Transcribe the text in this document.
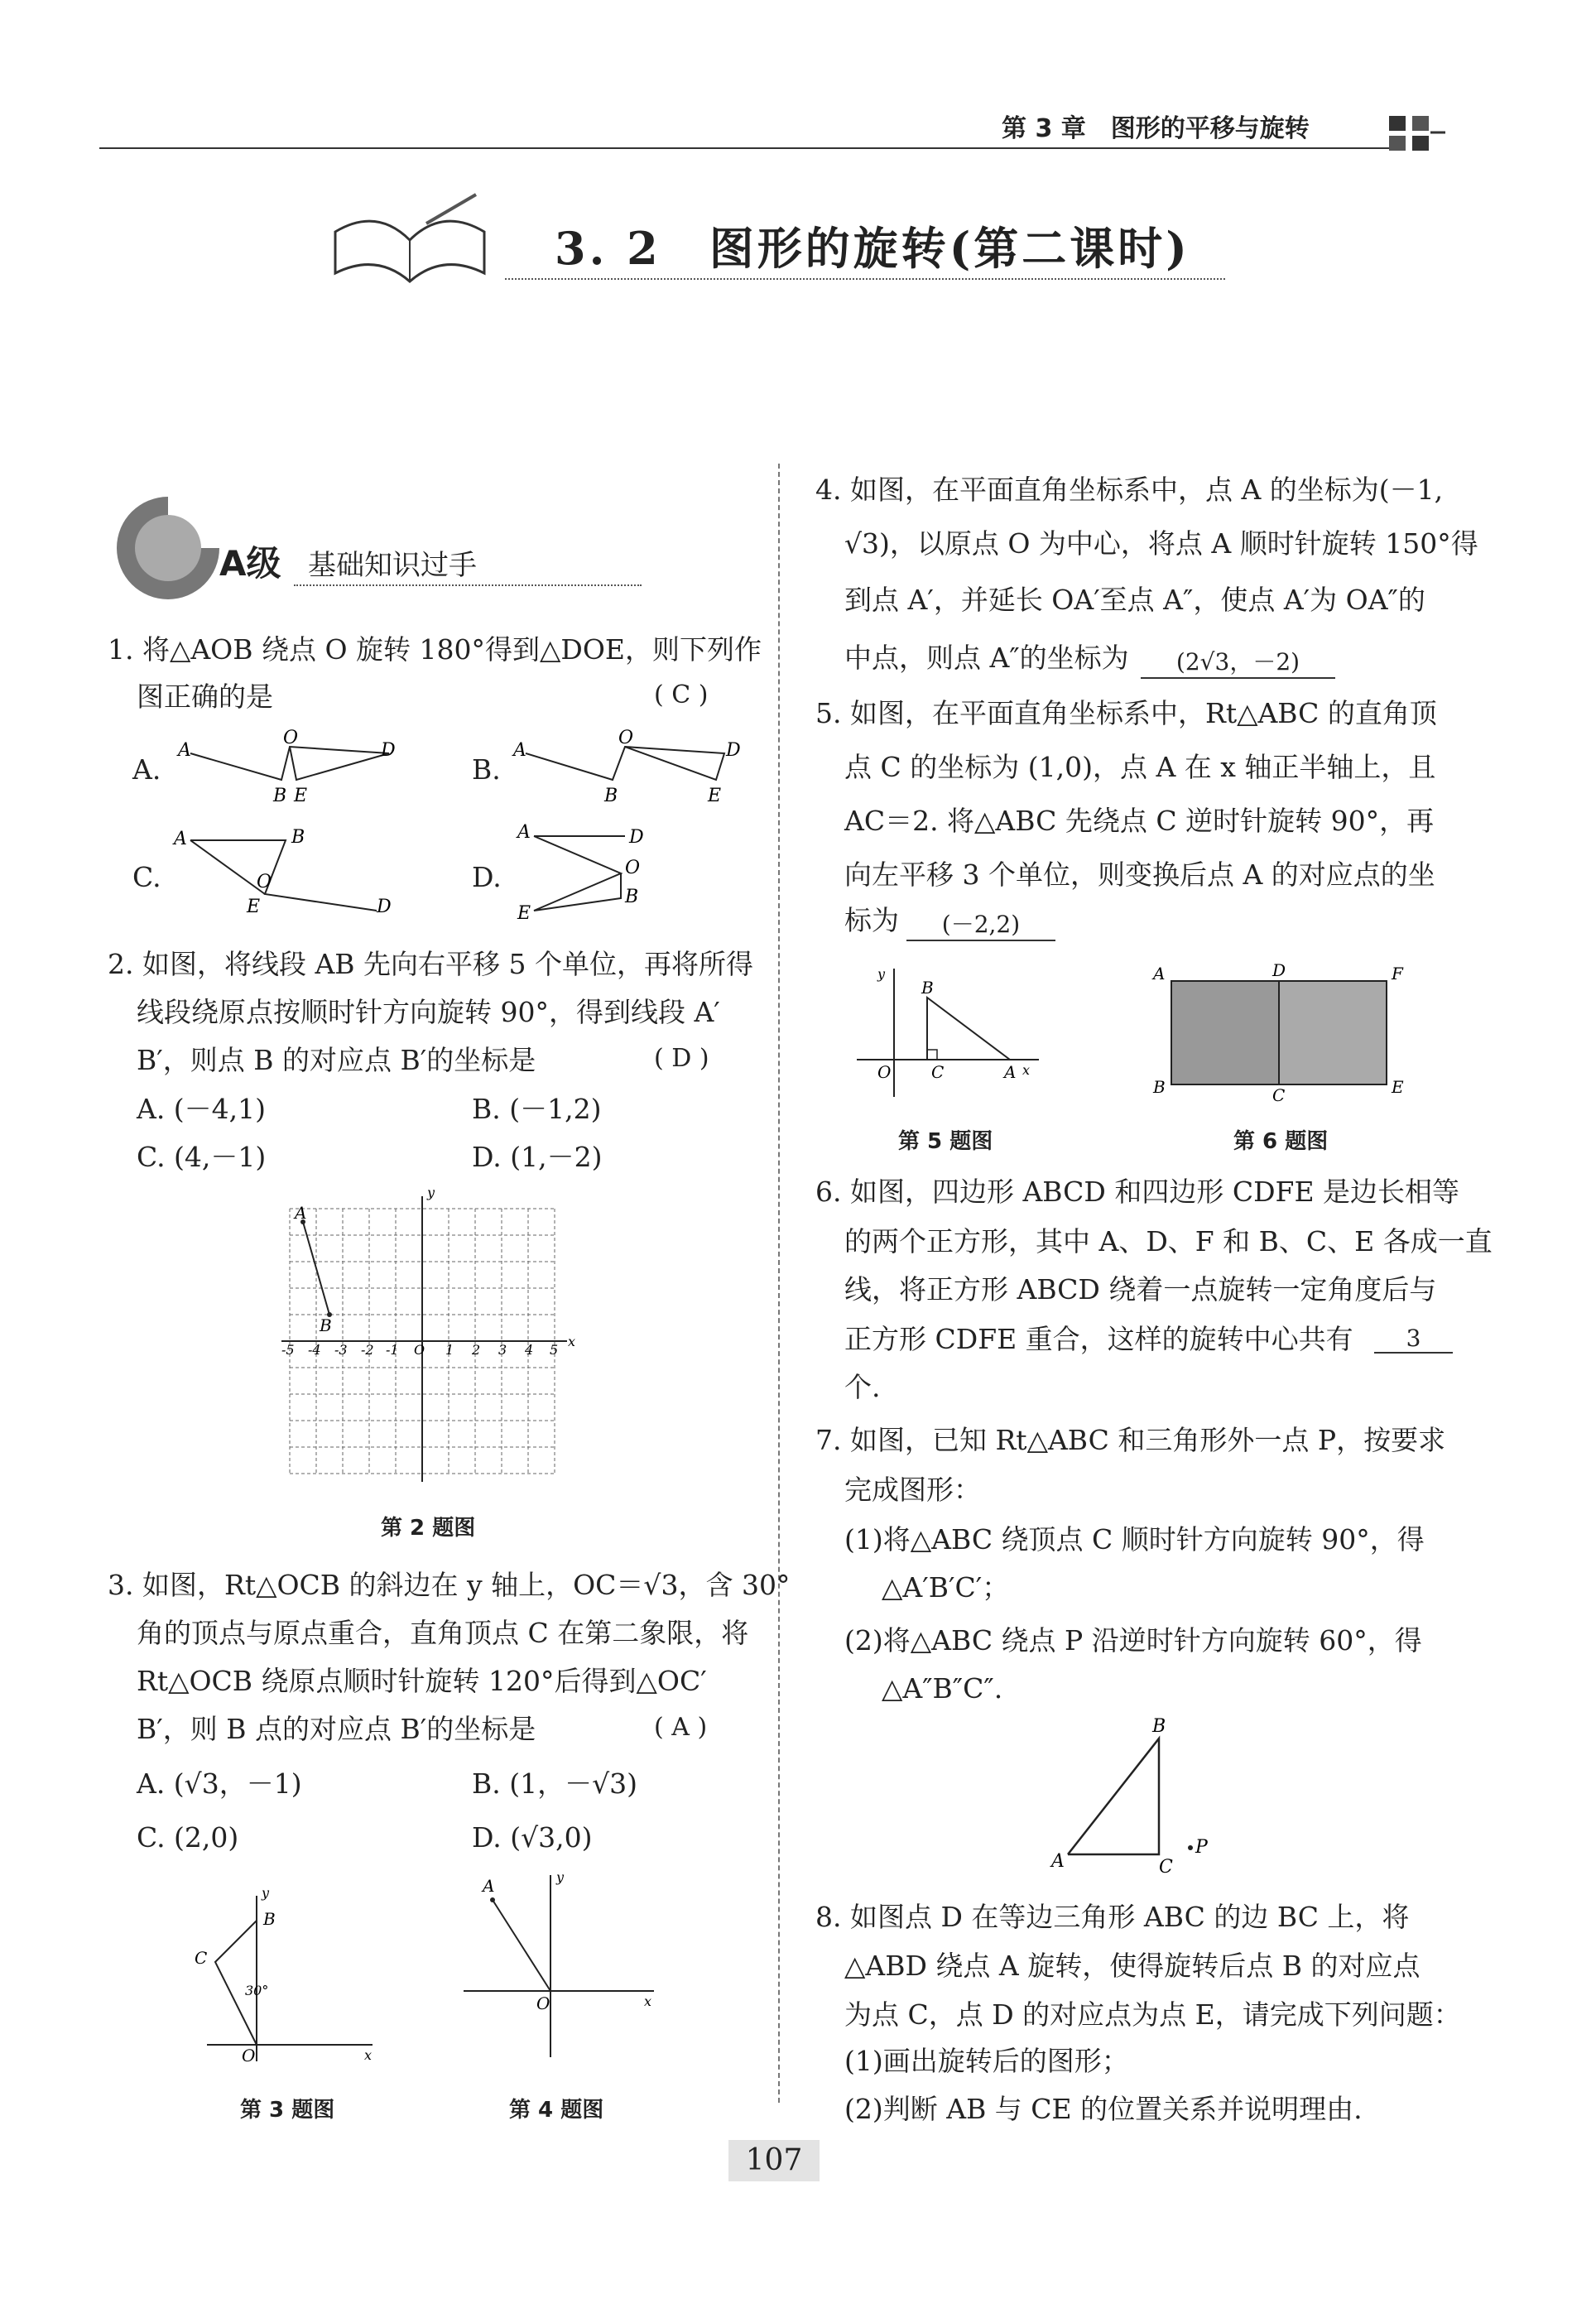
第 3 章　图形的平移与旋转
3. 2　图形的旋转(第二课时)
A级 基础知识过手
1. 将△AOB 绕点 O 旋转 180°得到△DOE，则下列作
图正确的是	( C )
A.
A
O
D
B E
B.
A
O
D
B	E
C.
A	B
O
E	D
D.
A	D
O
B
E
2. 如图，将线段 AB 先向右平移 5 个单位，再将所得
线段绕原点按顺时针方向旋转 90°，得到线段 A′
B′，则点 B 的对应点 B′的坐标是	( D )
A. (－4,1)	B. (－1,2)
C. (4,－1)	D. (1,－2)
A
B
x
y
-5 -4 -3 -2 -1 O 1 2 3 4 5
第 2 题图
3. 如图，Rt△OCB 的斜边在 y 轴上，OC＝√3，含 30°
角的顶点与原点重合，直角顶点 C 在第二象限，将
Rt△OCB 绕原点顺时针旋转 120°后得到△OC′
B′，则 B 点的对应点 B′的坐标是	( A )
A. (√3，－1)	B. (1，－√3)
C. (2,0)	D. (√3,0)
C
B
O
30°
x
y	A
O	x
y
第 3 题图	第 4 题图
4. 如图，在平面直角坐标系中，点 A 的坐标为(－1,
√3)，以原点 O 为中心，将点 A 顺时针旋转 150°得
到点 A′，并延长 OA′至点 A″，使点 A′为 OA″的
中点，则点 A″的坐标为	(2√3，－2)
5. 如图，在平面直角坐标系中，Rt△ABC 的直角顶
点 C 的坐标为 (1,0)，点 A 在 x 轴正半轴上，且
AC＝2. 将△ABC 先绕点 C 逆时针旋转 90°，再
向左平移 3 个单位，则变换后点 A 的对应点的坐
标为	(－2,2)
B
C	A
O	x
y	A	D	F
B	C	E
第 5 题图	第 6 题图
6. 如图，四边形 ABCD 和四边形 CDFE 是边长相等
的两个正方形，其中 A、D、F 和 B、C、E 各成一直
线，将正方形 ABCD 绕着一点旋转一定角度后与
正方形 CDFE 重合，这样的旋转中心共有	3
个.
7. 如图，已知 Rt△ABC 和三角形外一点 P，按要求
完成图形：
(1)将△ABC 绕顶点 C 顺时针方向旋转 90°，得
△A′B′C′；
(2)将△ABC 绕点 P 沿逆时针方向旋转 60°，得
△A″B″C″.
B
A	C
P
8. 如图点 D 在等边三角形 ABC 的边 BC 上，将
△ABD 绕点 A 旋转，使得旋转后点 B 的对应点
为点 C，点 D 的对应点为点 E，请完成下列问题：
(1)画出旋转后的图形；
(2)判断 AB 与 CE 的位置关系并说明理由.
107
